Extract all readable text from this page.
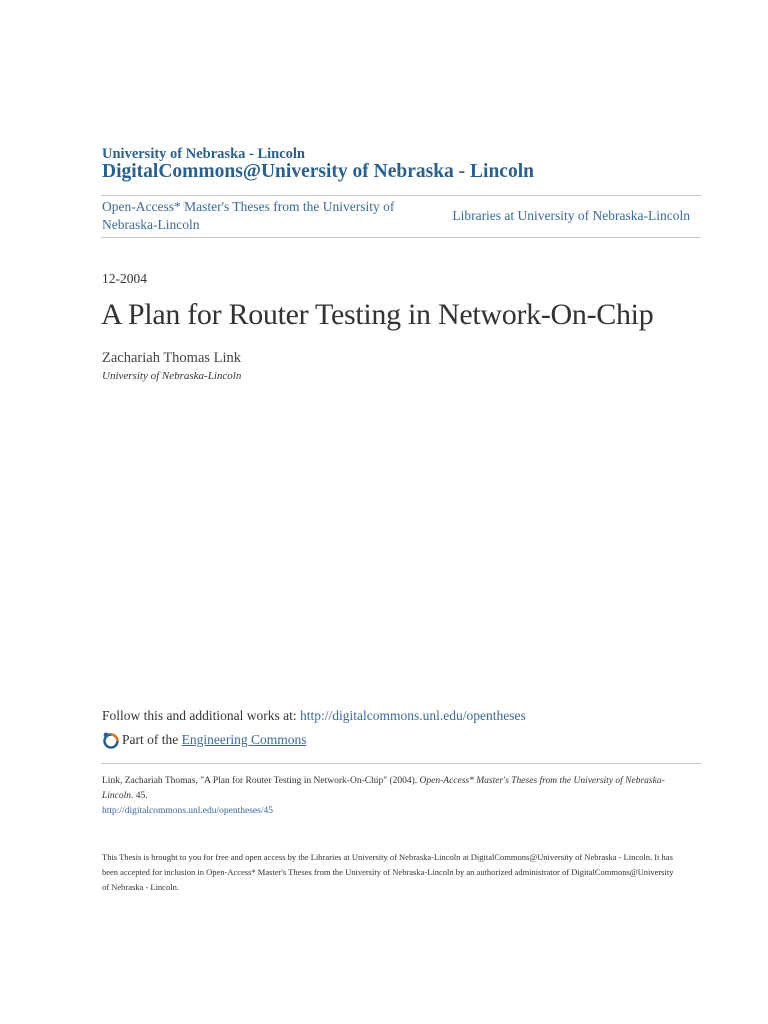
University of Nebraska - Lincoln
DigitalCommons@University of Nebraska - Lincoln
Open-Access* Master's Theses from the University of Nebraska-Lincoln
Libraries at University of Nebraska-Lincoln
12-2004
A Plan for Router Testing in Network-On-Chip
Zachariah Thomas Link
University of Nebraska-Lincoln
Follow this and additional works at: http://digitalcommons.unl.edu/opentheses
Part of the Engineering Commons
Link, Zachariah Thomas, "A Plan for Router Testing in Network-On-Chip" (2004). Open-Access* Master's Theses from the University of Nebraska-Lincoln. 45.
http://digitalcommons.unl.edu/opentheses/45
This Thesis is brought to you for free and open access by the Libraries at University of Nebraska-Lincoln at DigitalCommons@University of Nebraska - Lincoln. It has been accepted for inclusion in Open-Access* Master's Theses from the University of Nebraska-Lincoln by an authorized administrator of DigitalCommons@University of Nebraska - Lincoln.
